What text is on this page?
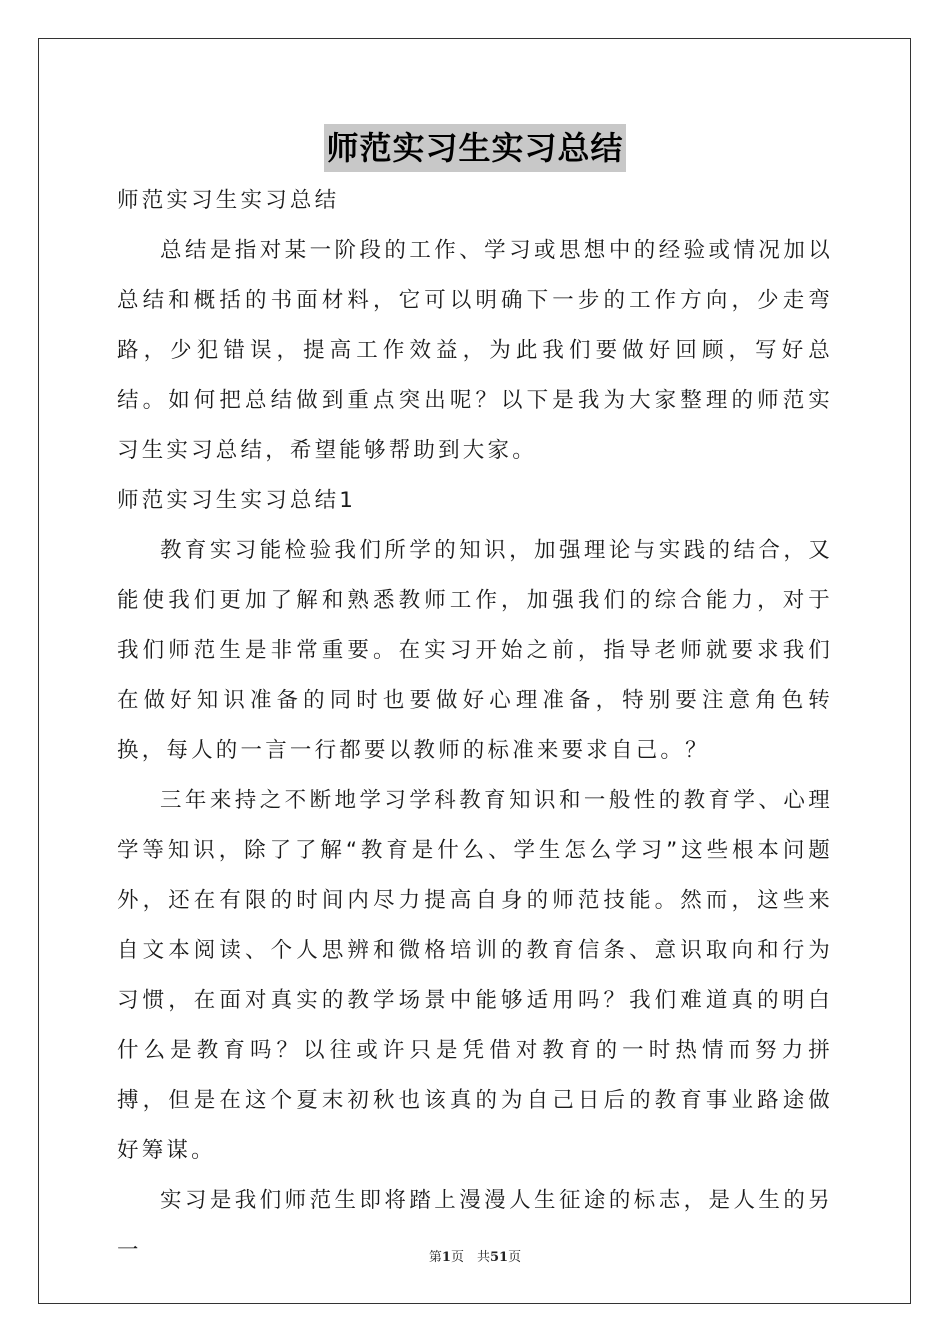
师范实习生实习总结

师范实习生实习总结

总结是指对某一阶段的工作、学习或思想中的经验或情况加以总结和概括的书面材料，它可以明确下一步的工作方向，少走弯路，少犯错误，提高工作效益，为此我们要做好回顾，写好总结。如何把总结做到重点突出呢？以下是我为大家整理的师范实习生实习总结，希望能够帮助到大家。

师范实习生实习总结1

教育实习能检验我们所学的知识，加强理论与实践的结合，又能使我们更加了解和熟悉教师工作，加强我们的综合能力，对于我们师范生是非常重要。在实习开始之前，指导老师就要求我们在做好知识准备的同时也要做好心理准备，特别要注意角色转换，每人的一言一行都要以教师的标准来要求自己。？

三年来持之不断地学习学科教育知识和一般性的教育学、心理学等知识，除了了解“教育是什么、学生怎么学习”这些根本问题外，还在有限的时间内尽力提高自身的师范技能。然而，这些来自文本阅读、个人思辨和微格培训的教育信条、意识取向和行为习惯，在面对真实的教学场景中能够适用吗？我们难道真的明白什么是教育吗？以往或许只是凭借对教育的一时热情而努力拼搏，但是在这个夏末初秋也该真的为自己日后的教育事业路途做好筹谋。

实习是我们师范生即将踏上漫漫人生征途的标志，是人生的另一	第1页　共51页
